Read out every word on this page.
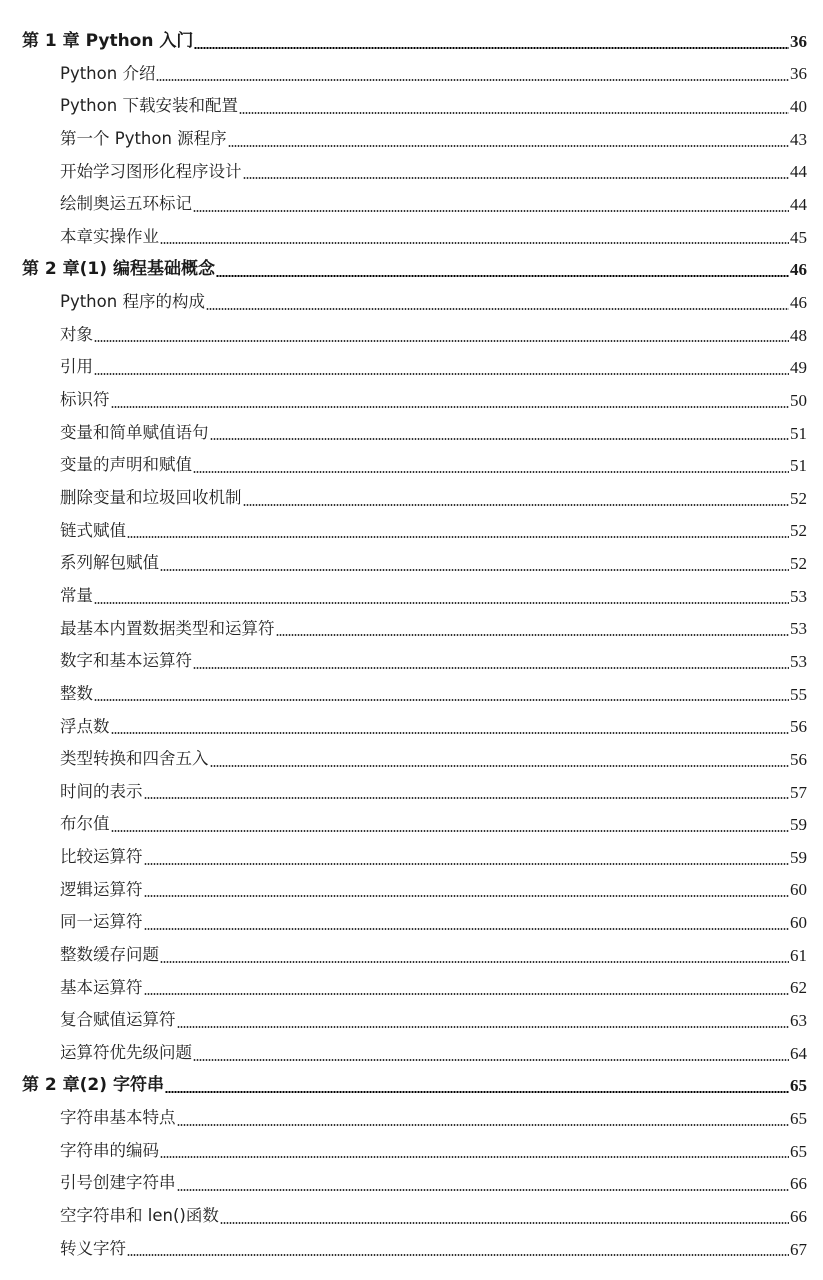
第 1 章 Python 入门	36
Python 介绍	36
Python 下载安装和配置	40
第一个 Python 源程序	43
开始学习图形化程序设计	44
绘制奥运五环标记	44
本章实操作业	45
第 2 章(1) 编程基础概念	46
Python 程序的构成	46
对象	48
引用	49
标识符	50
变量和简单赋值语句	51
变量的声明和赋值	51
删除变量和垃圾回收机制	52
链式赋值	52
系列解包赋值	52
常量	53
最基本内置数据类型和运算符	53
数字和基本运算符	53
整数	55
浮点数	56
类型转换和四舍五入	56
时间的表示	57
布尔值	59
比较运算符	59
逻辑运算符	60
同一运算符	60
整数缓存问题	61
基本运算符	62
复合赋值运算符	63
运算符优先级问题	64
第 2 章(2) 字符串	65
字符串基本特点	65
字符串的编码	65
引号创建字符串	66
空字符串和 len()函数	66
转义字符	67
